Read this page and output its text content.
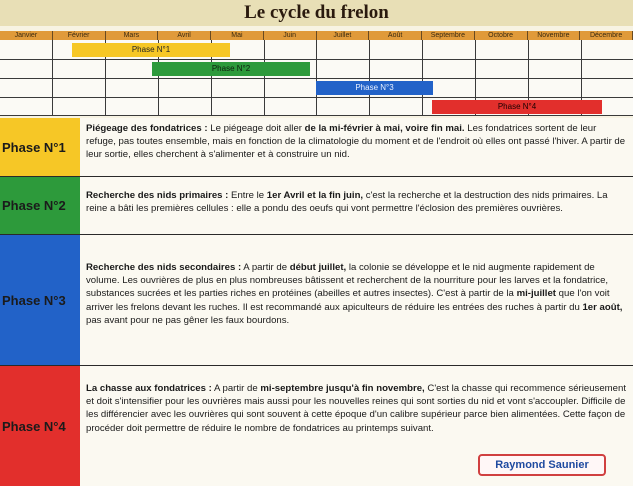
Le cycle du frelon
Janvier	Février	Mars	Avril	Mai	Juin	Juillet	Août	Septembre	Octobre	Novembre	Décembre
Phase N°1
Phase N°2
Phase N°3
Phase N°4
Phase N°1
Piégeage des fondatrices : Le piégeage doit aller de la mi-février à mai, voire fin mai. Les fondatrices sortent de leur refuge, pas toutes ensemble, mais en fonction de la climatologie du moment et de l'endroit où elles ont passé l'hiver. A partir de leur sortie, elles cherchent à s'alimenter et à construire un nid.
Phase N°2
Recherche des nids primaires : Entre le 1er Avril et la fin juin, c'est la recherche et la destruction des nids primaires. La reine a bâti les premières cellules : elle a pondu des oeufs qui vont permettre l'éclosion des premières ouvrières.
Phase N°3
Recherche des nids secondaires : A partir de début juillet, la colonie se développe et le nid augmente rapidement de volume. Les ouvrières de plus en plus nombreuses bâtissent et recherchent de la nourriture pour les larves et la fondatrice, substances sucrées et les parties riches en protéines (abeilles et autres insectes). C'est à partir de la mi-juillet que l'on voit arriver les frelons devant les ruches. Il est recommandé aux apiculteurs de réduire les entrées des ruches à partir du 1er août, pas avant pour ne pas gêner les faux bourdons.
Phase N°4
La chasse aux fondatrices : A partir de mi-septembre jusqu'à fin novembre, C'est la chasse qui recommence sérieusement et doit s'intensifier pour les ouvrières mais aussi pour les nouvelles reines qui sont sorties du nid et vont s'accoupler. Difficile de les différencier avec les ouvrières qui sont souvent à cette époque d'un calibre supérieur parce bien alimentées. Cette façon de procéder doit permettre de réduire le nombre de fondatrices au printemps suivant.
Raymond Saunier
